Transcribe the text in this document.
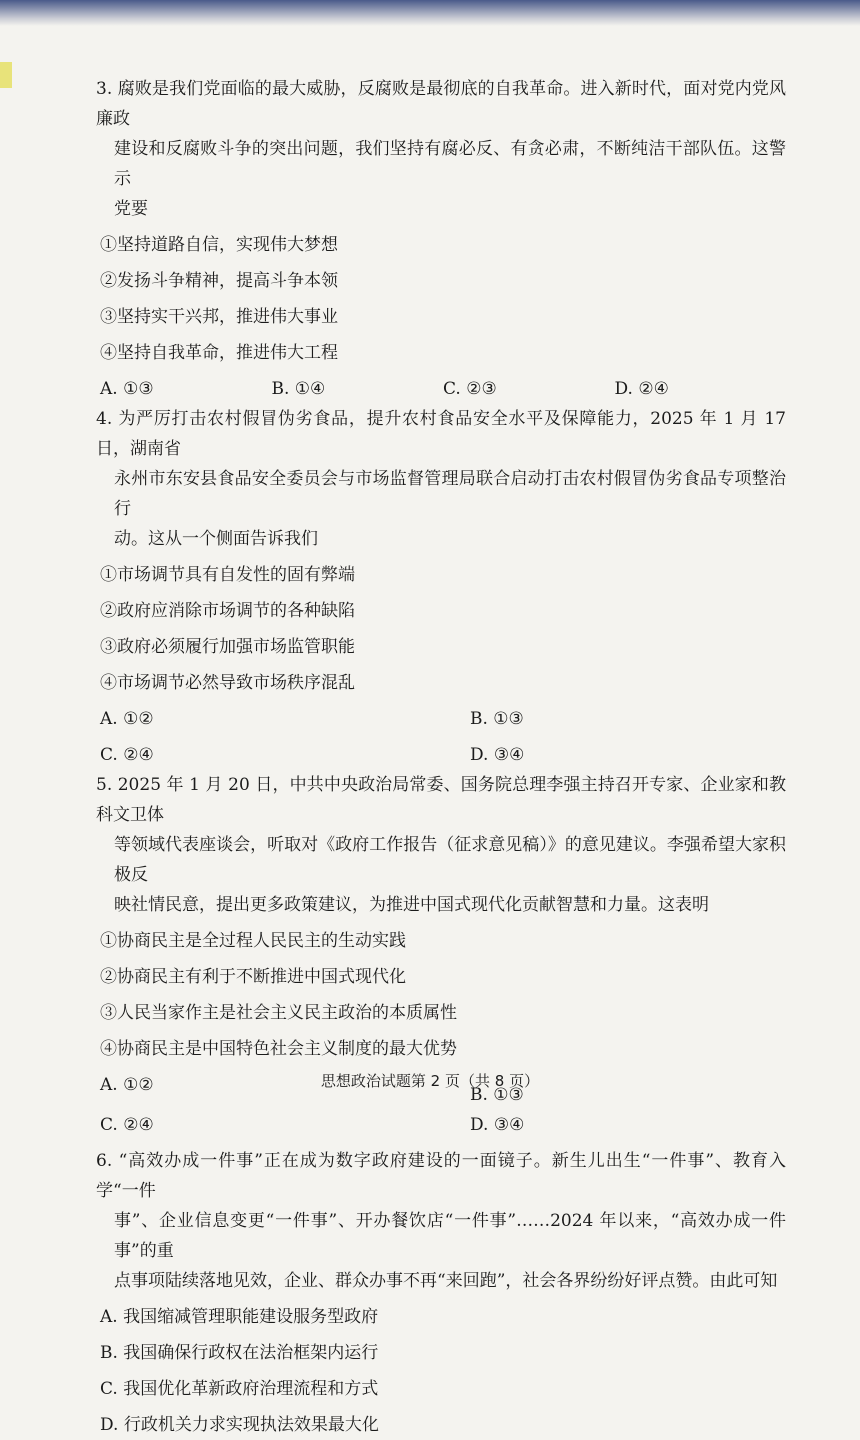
3. 腐败是我们党面临的最大威胁，反腐败是最彻底的自我革命。进入新时代，面对党内党风廉政

建设和反腐败斗争的突出问题，我们坚持有腐必反、有贪必肃，不断纯洁干部队伍。这警示

党要

①坚持道路自信，实现伟大梦想

②发扬斗争精神，提高斗争本领

③坚持实干兴邦，推进伟大事业

④坚持自我革命，推进伟大工程

A. ①③	B. ①④	C. ②③	D. ②④

4. 为严厉打击农村假冒伪劣食品，提升农村食品安全水平及保障能力，2025 年 1 月 17 日，湖南省

永州市东安县食品安全委员会与市场监督管理局联合启动打击农村假冒伪劣食品专项整治行

动。这从一个侧面告诉我们

①市场调节具有自发性的固有弊端

②政府应消除市场调节的各种缺陷

③政府必须履行加强市场监管职能

④市场调节必然导致市场秩序混乱

A. ①②	B. ①③
C. ②④	D. ③④

5. 2025 年 1 月 20 日，中共中央政治局常委、国务院总理李强主持召开专家、企业家和教科文卫体

等领域代表座谈会，听取对《政府工作报告（征求意见稿）》的意见建议。李强希望大家积极反

映社情民意，提出更多政策建议，为推进中国式现代化贡献智慧和力量。这表明

①协商民主是全过程人民民主的生动实践

②协商民主有利于不断推进中国式现代化

③人民当家作主是社会主义民主政治的本质属性

④协商民主是中国特色社会主义制度的最大优势

A. ①②	B. ①③
C. ②④	D. ③④

6. “高效办成一件事”正在成为数字政府建设的一面镜子。新生儿出生“一件事”、教育入学“一件

事”、企业信息变更“一件事”、开办餐饮店“一件事”……2024 年以来，“高效办成一件事”的重

点事项陆续落地见效，企业、群众办事不再“来回跑”，社会各界纷纷好评点赞。由此可知

A. 我国缩减管理职能建设服务型政府

B. 我国确保行政权在法治框架内运行

C. 我国优化革新政府治理流程和方式

D. 行政机关力求实现执法效果最大化

思想政治试题第 2 页（共 8 页）
